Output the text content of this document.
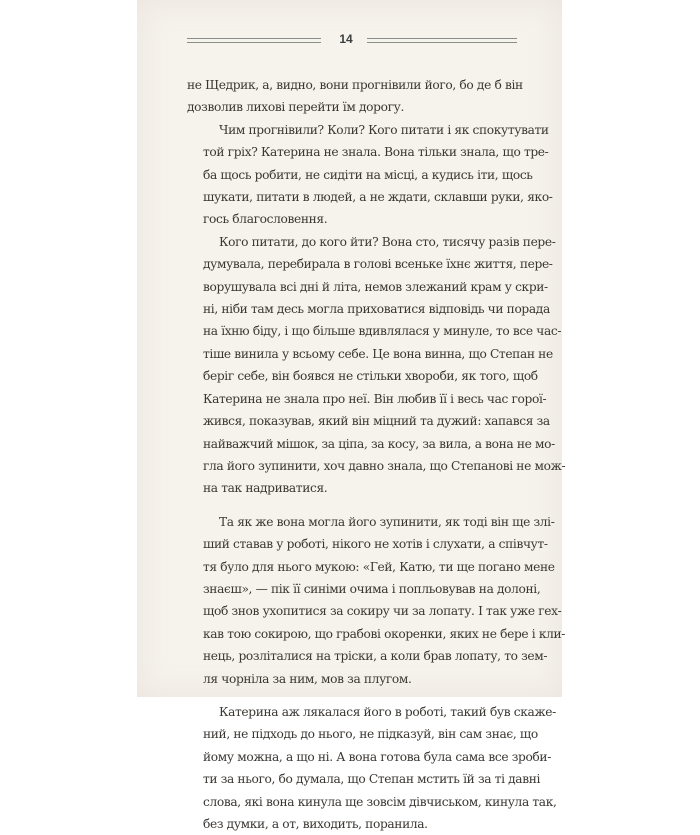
14

не Щедрик, а, видно, вони прогнівили його, бо де б він
дозволив лихові перейти їм дорогу.

Чим прогнівили? Коли? Кого питати і як спокутувати
той гріх? Катерина не знала. Вона тільки знала, що тре-
ба щось робити, не сидіти на місці, а кудись іти, щось
шукати, питати в людей, а не ждати, склавши руки, яко-
гось благословення.

Кого питати, до кого йти? Вона сто, тисячу разів пере-
думувала, перебирала в голові всеньке їхнє життя, пере-
ворушувала всі дні й літа, немов злежаний крам у скри-
ні, ніби там десь могла приховатися відповідь чи порада
на їхню біду, і що більше вдивлялася у минуле, то все час-
тіше винила у всьому себе. Це вона винна, що Степан не
беріг себе, він боявся не стільки хвороби, як того, щоб
Катерина не знала про неї. Він любив її і весь час горої-
жився, показував, який він міцний та дужий: хапався за
найважчий мішок, за ціпа, за косу, за вила, а вона не мо-
гла його зупинити, хоч давно знала, що Степанові не мож-
на так надриватися.

Та як же вона могла його зупинити, як тоді він ще злі-
ший ставав у роботі, нікого не хотів і слухати, а співчут-
тя було для нього мукою: «Гей, Катю, ти ще погано мене
знаєш», — пік її синіми очима і попльовував на долоні,
щоб знов ухопитися за сокиру чи за лопату. І так уже гех-
кав тою сокирою, що грабові окоренки, яких не бере і кли-
нець, розліталися на тріски, а коли брав лопату, то зем-
ля чорніла за ним, мов за плугом.

Катерина аж лякалася його в роботі, такий був скаже-
ний, не підходь до нього, не підказуй, він сам знає, що
йому можна, а що ні. А вона готова була сама все зроби-
ти за нього, бо думала, що Степан мстить їй за ті давні
слова, які вона кинула ще зовсім дівчиськом, кинула так,
без думки, а от, виходить, поранила.
